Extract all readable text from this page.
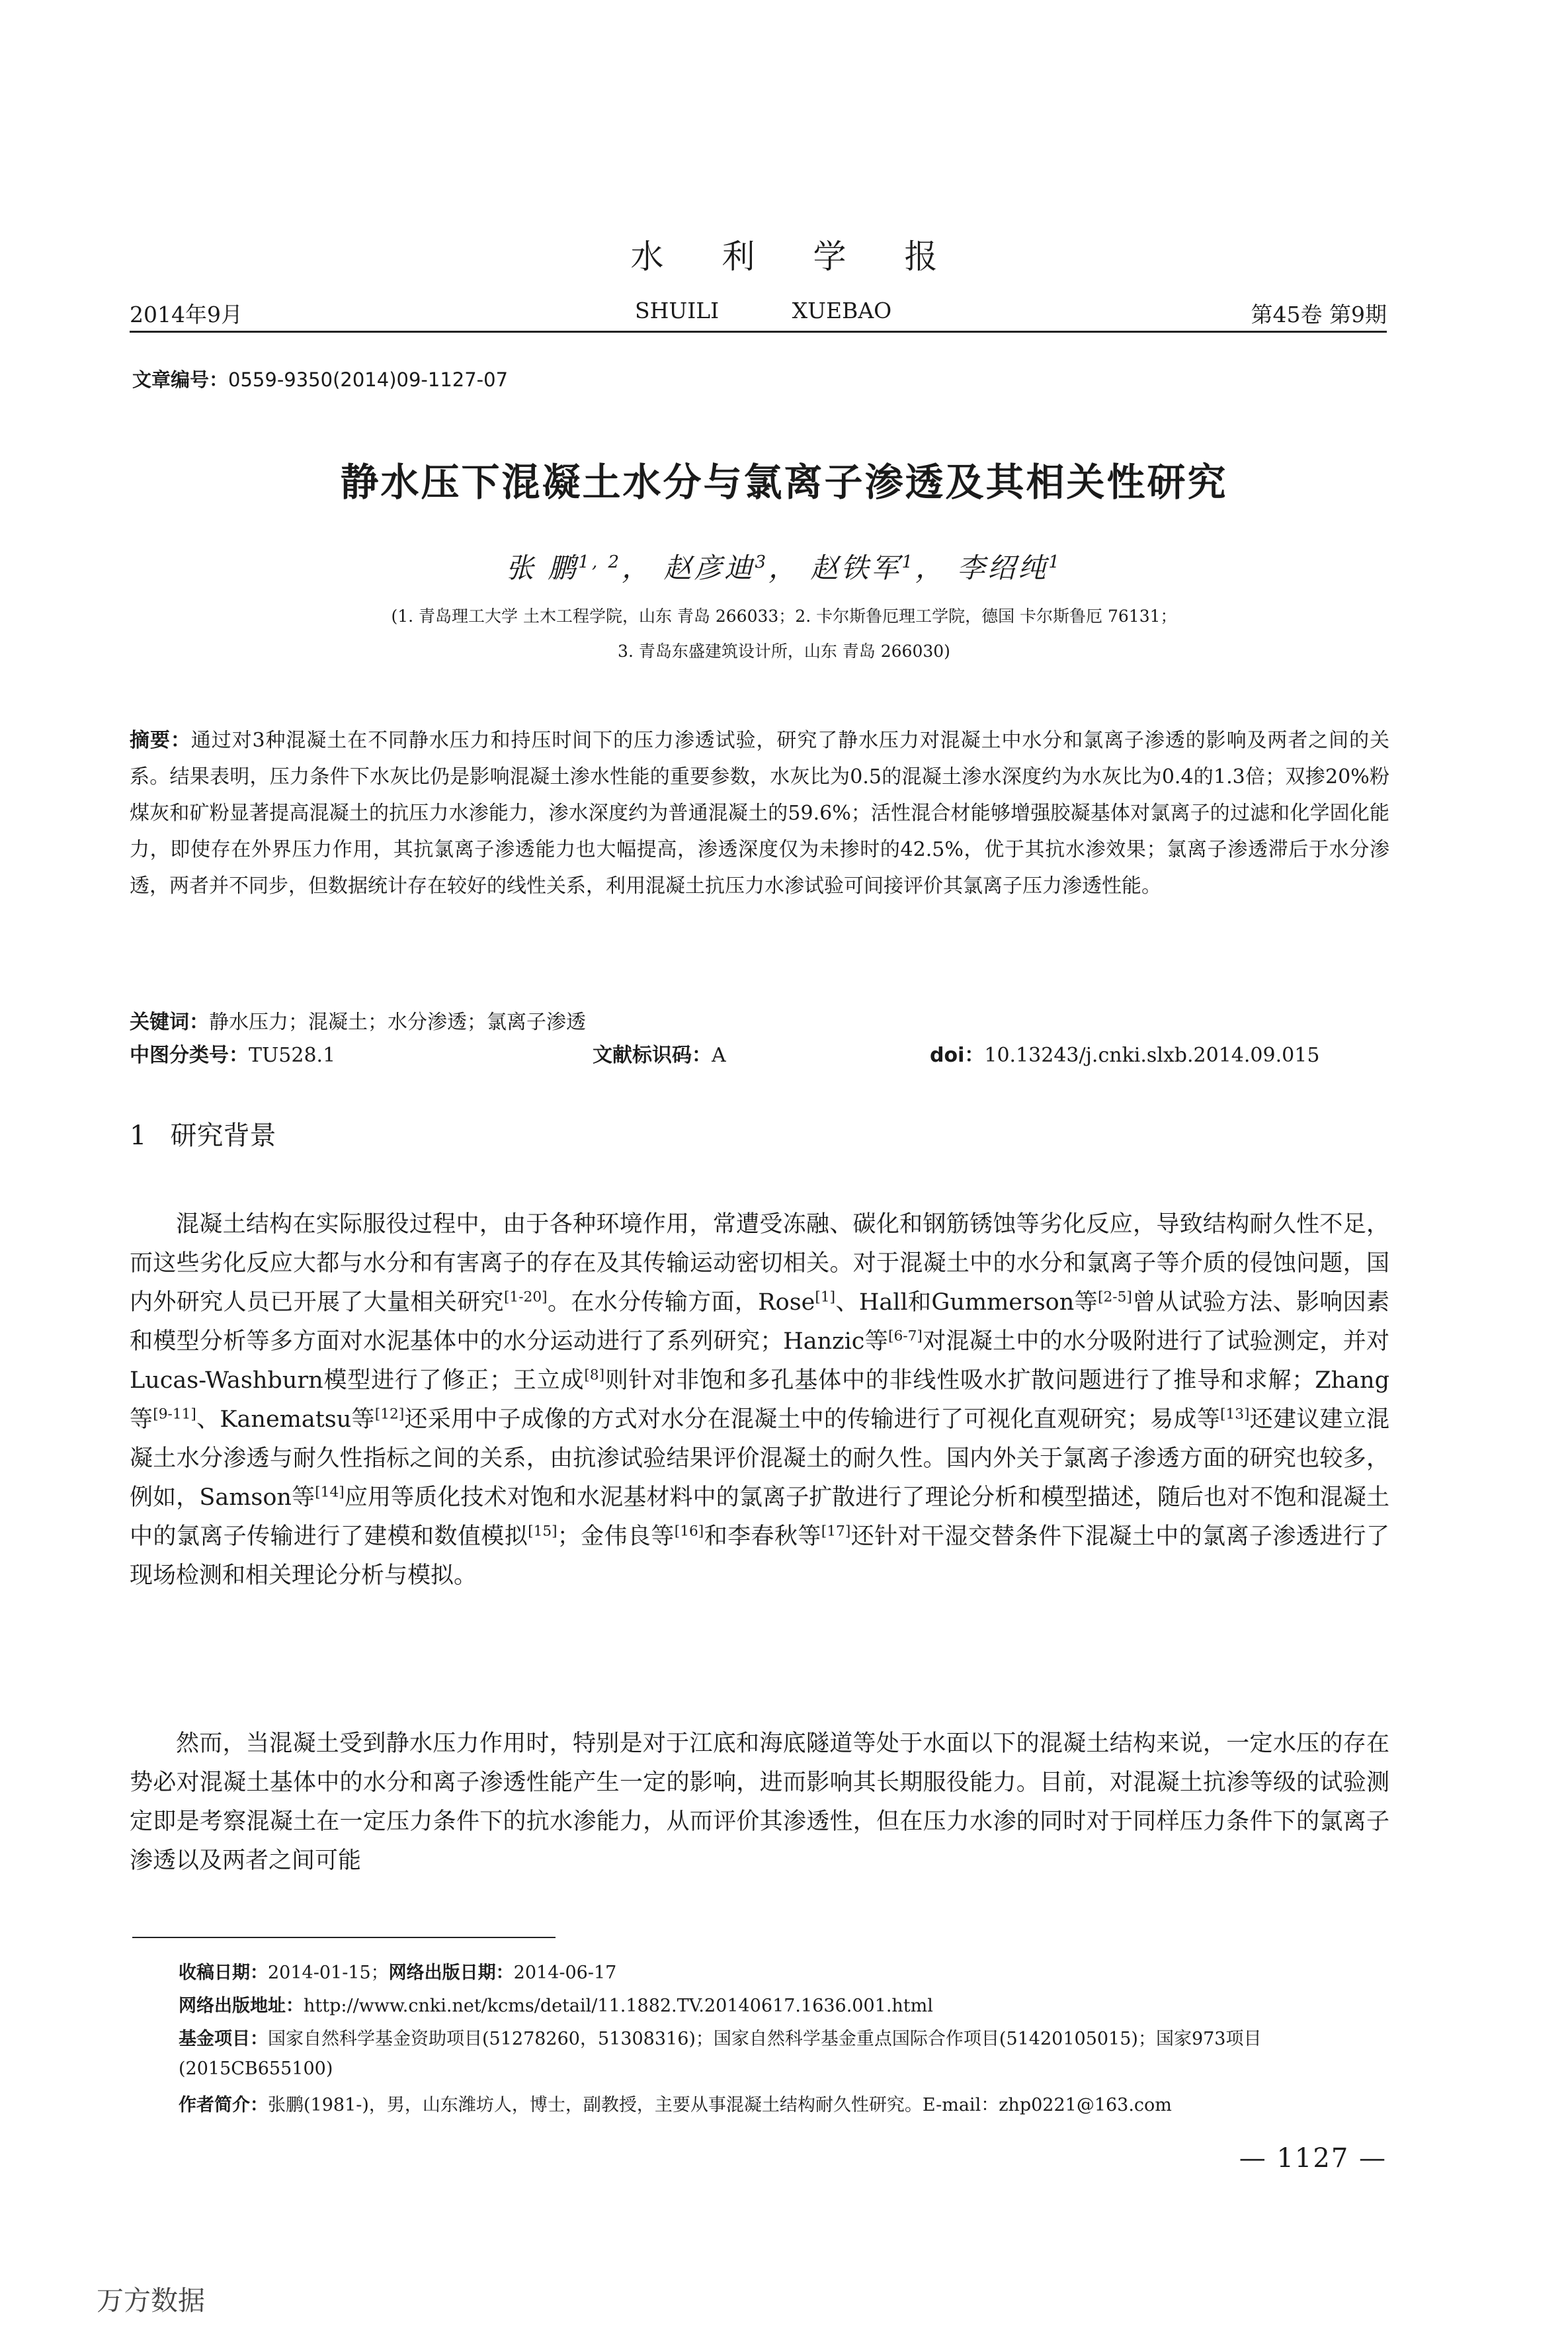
水利学报
2014年9月	SHUILI XUEBAO	第45卷 第9期
文章编号：0559-9350(2014)09-1127-07
静水压下混凝土水分与氯离子渗透及其相关性研究
张 鹏$^{1, 2}$， 赵彦迪$^3$， 赵铁军$^1$， 李绍纯$^1$
(1. 青岛理工大学 土木工程学院，山东 青岛 266033；2. 卡尔斯鲁厄理工学院，德国 卡尔斯鲁厄 76131；
3. 青岛东盛建筑设计所，山东 青岛 266030)
摘要：通过对3种混凝土在不同静水压力和持压时间下的压力渗透试验，研究了静水压力对混凝土中水分和氯离子渗透的影响及两者之间的关系。结果表明，压力条件下水灰比仍是影响混凝土渗水性能的重要参数，水灰比为0.5的混凝土渗水深度约为水灰比为0.4的1.3倍；双掺20%粉煤灰和矿粉显著提高混凝土的抗压力水渗能力，渗水深度约为普通混凝土的59.6%；活性混合材能够增强胶凝基体对氯离子的过滤和化学固化能力，即使存在外界压力作用，其抗氯离子渗透能力也大幅提高，渗透深度仅为未掺时的42.5%，优于其抗水渗效果；氯离子渗透滞后于水分渗透，两者并不同步，但数据统计存在较好的线性关系，利用混凝土抗压力水渗试验可间接评价其氯离子压力渗透性能。
关键词：静水压力；混凝土；水分渗透；氯离子渗透
中图分类号：TU528.1	文献标识码：A	doi：10.13243/j.cnki.slxb.2014.09.015
1 研究背景
混凝土结构在实际服役过程中，由于各种环境作用，常遭受冻融、碳化和钢筋锈蚀等劣化反应，导致结构耐久性不足，而这些劣化反应大都与水分和有害离子的存在及其传输运动密切相关。对于混凝土中的水分和氯离子等介质的侵蚀问题，国内外研究人员已开展了大量相关研究[1-20]。在水分传输方面，Rose[1]、Hall和Gummerson等[2-5]曾从试验方法、影响因素和模型分析等多方面对水泥基体中的水分运动进行了系列研究；Hanzic等[6-7]对混凝土中的水分吸附进行了试验测定，并对Lucas-Washburn模型进行了修正；王立成[8]则针对非饱和多孔基体中的非线性吸水扩散问题进行了推导和求解；Zhang等[9-11]、Kanematsu等[12]还采用中子成像的方式对水分在混凝土中的传输进行了可视化直观研究；易成等[13]还建议建立混凝土水分渗透与耐久性指标之间的关系，由抗渗试验结果评价混凝土的耐久性。国内外关于氯离子渗透方面的研究也较多，例如，Samson等[14]应用等质化技术对饱和水泥基材料中的氯离子扩散进行了理论分析和模型描述，随后也对不饱和混凝土中的氯离子传输进行了建模和数值模拟[15]；金伟良等[16]和李春秋等[17]还针对干湿交替条件下混凝土中的氯离子渗透进行了现场检测和相关理论分析与模拟。
然而，当混凝土受到静水压力作用时，特别是对于江底和海底隧道等处于水面以下的混凝土结构来说，一定水压的存在势必对混凝土基体中的水分和离子渗透性能产生一定的影响，进而影响其长期服役能力。目前，对混凝土抗渗等级的试验测定即是考察混凝土在一定压力条件下的抗水渗能力，从而评价其渗透性，但在压力水渗的同时对于同样压力条件下的氯离子渗透以及两者之间可能
收稿日期：2014-01-15；网络出版日期：2014-06-17
网络出版地址：http://www.cnki.net/kcms/detail/11.1882.TV.20140617.1636.001.html
基金项目：国家自然科学基金资助项目(51278260，51308316)；国家自然科学基金重点国际合作项目(51420105015)；国家973项目(2015CB655100)
作者简介：张鹏(1981-)，男，山东潍坊人，博士，副教授，主要从事混凝土结构耐久性研究。E-mail：zhp0221@163.com
— 1127 —
万方数据
